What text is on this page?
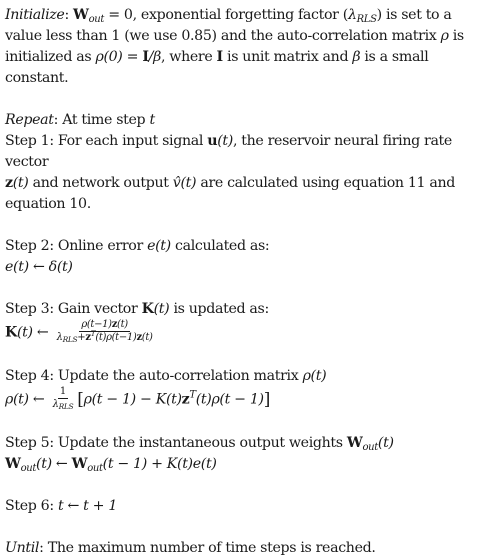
Initialize: $W_{out} = 0$, exponential forgetting factor $(\lambda_{RLS})$ is set to a

value less than 1 (we use 0.85) and the auto-correlation matrix ρ is

initialized as ρ(0) = I/β, where I is unit matrix and β is a small

constant.

Repeat: At time step t

Step 1: For each input signal u(t), the reservoir neural firing rate vector

z(t) and network output v̂(t) are calculated using equation 11 and

equation 10.

Step 2: Online error e(t) calculated as:

e(t) ← δ(t)

Step 3: Gain vector K(t) is updated as:

K(t) ← $\frac{\rho(t-1)z(t)}{\lambda_{RLS}+z^T(t)\rho(t-1)z(t)}$

Step 4: Update the auto-correlation matrix ρ(t)

ρ(t) ← $\frac{1}{\lambda_{RLS}} [\rho(t - 1) - K(t)z^T(t)\rho(t - 1)]$

Step 5: Update the instantaneous output weights $W_{out}(t)$

$W_{out}(t)$ ← $W_{out}(t - 1) + K(t)e(t)$

Step 6: t ← t + 1

Until: The maximum number of time steps is reached.
